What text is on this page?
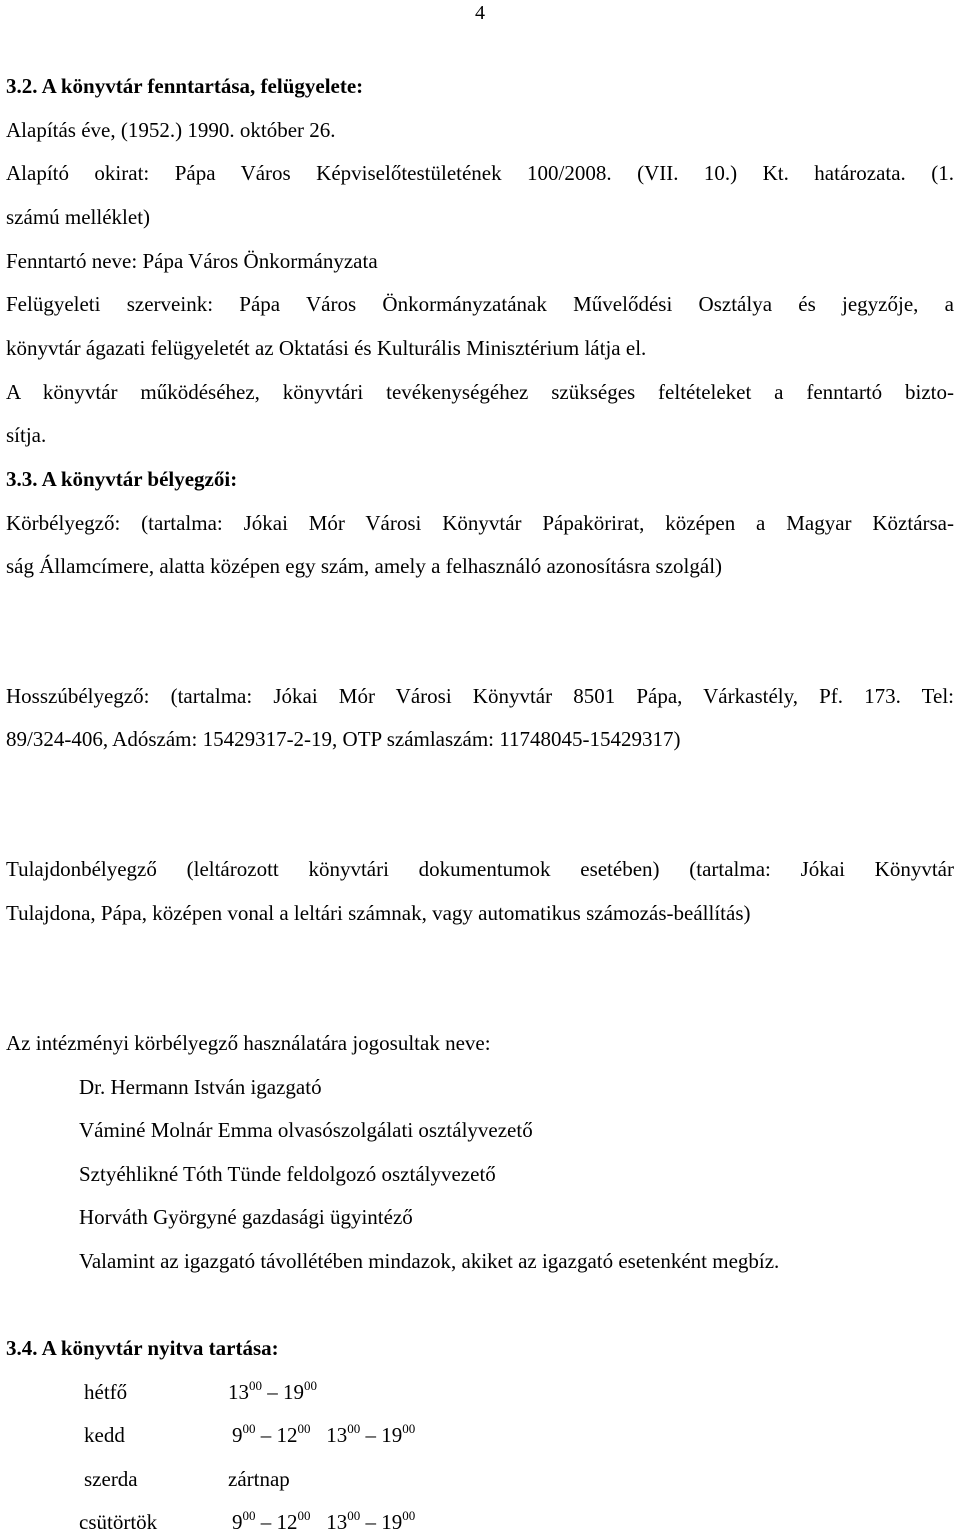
4
3.2. A könyvtár fenntartása, felügyelete:
Alapítás éve, (1952.) 1990. október 26.
Alapító okirat: Pápa Város Képviselőtestületének 100/2008. (VII. 10.) Kt. határozata. (1.
számú melléklet)
Fenntartó neve: Pápa Város Önkormányzata
Felügyeleti szerveink: Pápa Város Önkormányzatának Művelődési Osztálya és jegyzője, a
könyvtár ágazati felügyeletét az Oktatási és Kulturális Minisztérium látja el.
A könyvtár működéséhez, könyvtári tevékenységéhez szükséges feltételeket a fenntartó bizto-
sítja.
3.3. A könyvtár bélyegzői:
Körbélyegző: (tartalma: Jókai Mór Városi Könyvtár Pápakörirat, középen a Magyar Köztársa-
ság Államcímere, alatta középen egy szám, amely a felhasználó azonosításra szolgál)
Hosszúbélyegző: (tartalma: Jókai Mór Városi Könyvtár 8501 Pápa, Várkastély, Pf. 173. Tel:
89/324-406, Adószám: 15429317-2-19, OTP számlaszám: 11748045-15429317)
Tulajdonbélyegző (leltározott könyvtári dokumentumok esetében) (tartalma: Jókai Könyvtár
Tulajdona, Pápa, középen vonal a leltári számnak, vagy automatikus számozás-beállítás)
Az intézményi körbélyegző használatára jogosultak neve:
Dr. Hermann István igazgató
Váminé Molnár Emma olvasószolgálati osztályvezető
Sztyéhlikné Tóth Tünde feldolgozó osztályvezető
Horváth Györgyné gazdasági ügyintéző
Valamint az igazgató távollétében mindazok, akiket az igazgató esetenként megbíz.
3.4. A könyvtár nyitva tartása:
hétfő	$13^{00} - 19^{00}$
kedd	$9^{00} - 12^{00}$ $13^{00} - 19^{00}$
szerda	zártnap
csütörtök	$9^{00} - 12^{00}$ $13^{00} - 19^{00}$
